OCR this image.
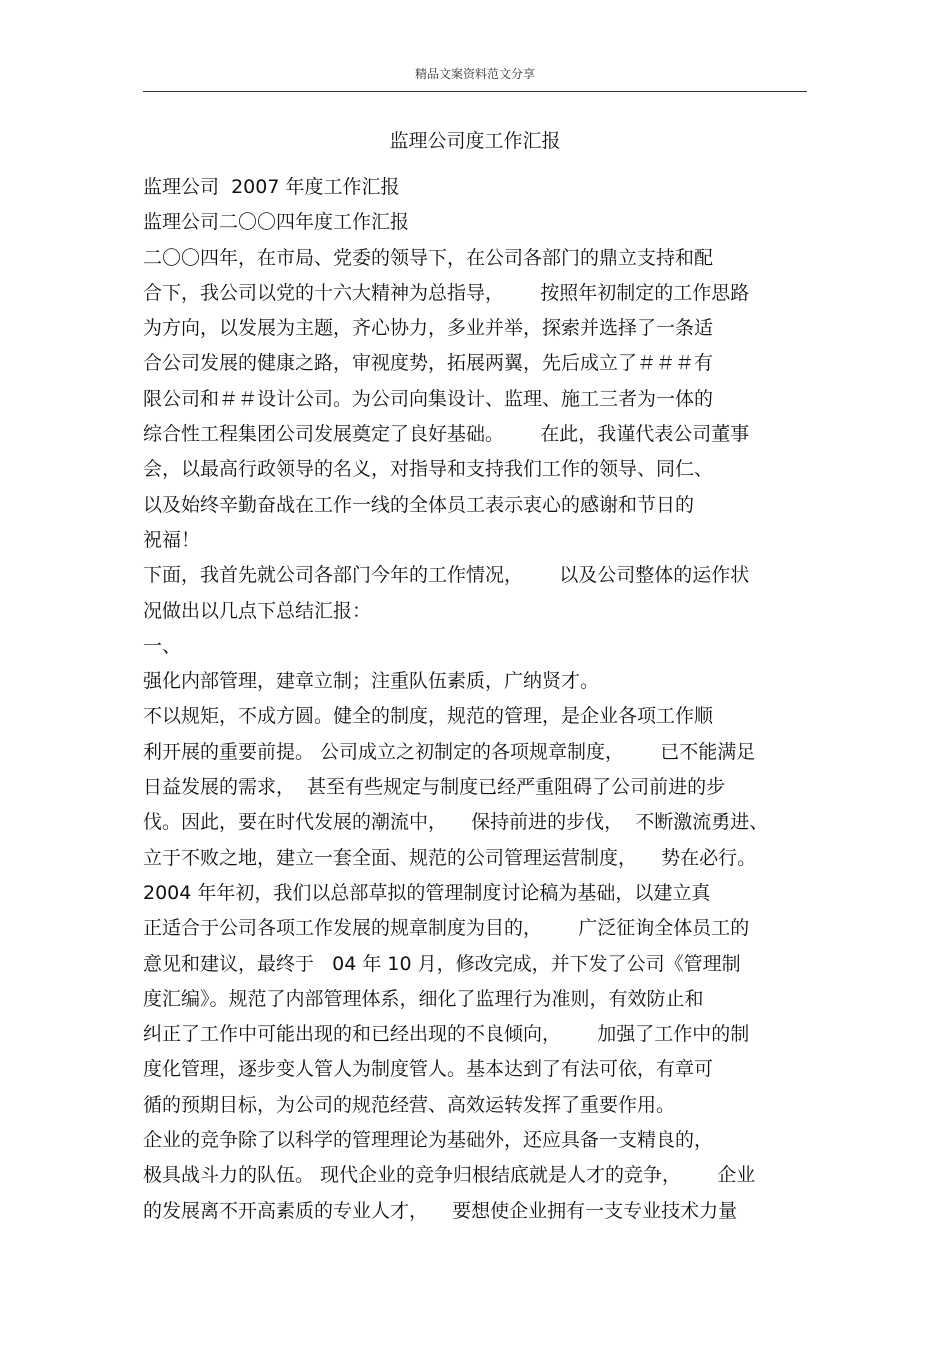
精品文案资料范文分享
监理公司度工作汇报
监理公司  2007 年度工作汇报
监理公司二〇〇四年度工作汇报
二〇〇四年，在市局、党委的领导下，在公司各部门的鼎立支持和配
合下，我公司以党的十六大精神为总指导，      按照年初制定的工作思路
为方向，以发展为主题，齐心协力，多业并举，探索并选择了一条适
合公司发展的健康之路，审视度势，拓展两翼，先后成立了＃＃＃有
限公司和＃＃设计公司。为公司向集设计、监理、施工三者为一体的
综合性工程集团公司发展奠定了良好基础。      在此，我谨代表公司董事
会，以最高行政领导的名义，对指导和支持我们工作的领导、同仁、
以及始终辛勤奋战在工作一线的全体员工表示衷心的感谢和节日的
祝福！
下面，我首先就公司各部门今年的工作情况，      以及公司整体的运作状
况做出以几点下总结汇报：
一、
强化内部管理，建章立制；注重队伍素质，广纳贤才。
不以规矩，不成方圆。健全的制度，规范的管理，是企业各项工作顺
利开展的重要前提。 公司成立之初制定的各项规章制度，      已不能满足
日益发展的需求，  甚至有些规定与制度已经严重阻碍了公司前进的步
伐。因此，要在时代发展的潮流中，    保持前进的步伐，  不断激流勇进、
立于不败之地，建立一套全面、规范的公司管理运营制度，    势在必行。
2004 年年初，我们以总部草拟的管理制度讨论稿为基础，以建立真
正适合于公司各项工作发展的规章制度为目的，      广泛征询全体员工的
意见和建议，最终于   04 年 10 月，修改完成，并下发了公司《管理制
度汇编》。规范了内部管理体系，细化了监理行为准则，有效防止和
纠正了工作中可能出现的和已经出现的不良倾向，      加强了工作中的制
度化管理，逐步变人管人为制度管人。基本达到了有法可依，有章可
循的预期目标，为公司的规范经营、高效运转发挥了重要作用。
企业的竞争除了以科学的管理理论为基础外，还应具备一支精良的，
极具战斗力的队伍。 现代企业的竞争归根结底就是人才的竞争，      企业
的发展离不开高素质的专业人才，    要想使企业拥有一支专业技术力量
